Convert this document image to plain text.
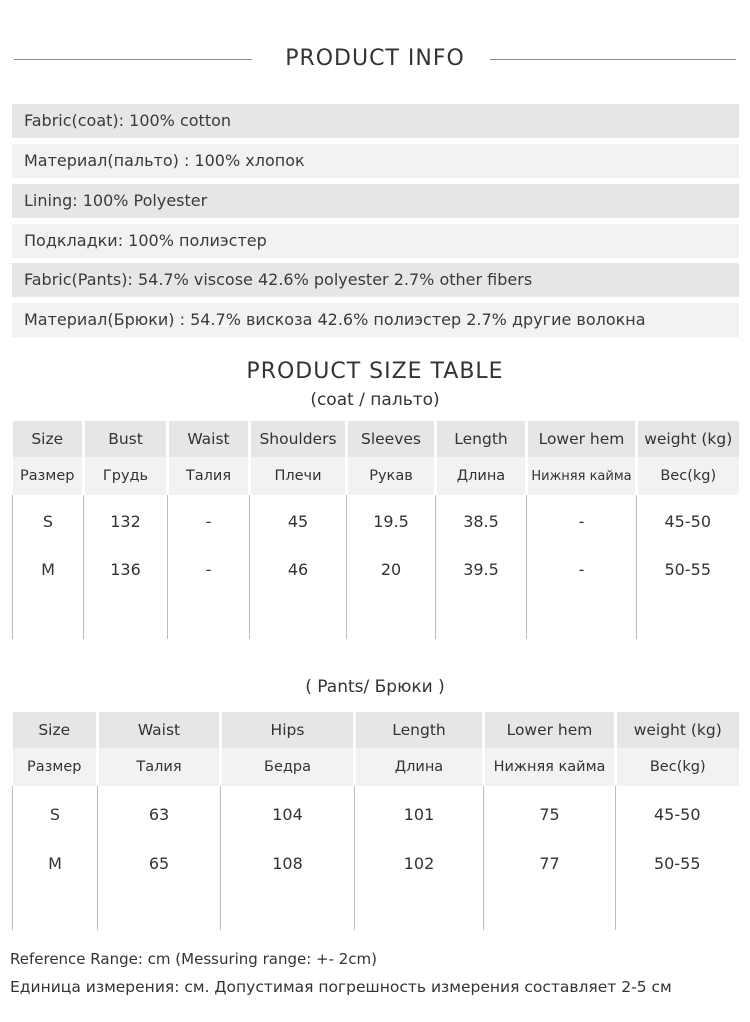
PRODUCT INFO
Fabric(coat): 100% cotton
Материал(пальто) : 100% хлопок
Lining: 100% Polyester
Подкладки: 100% полиэстер
Fabric(Pants): 54.7% viscose 42.6% polyester 2.7% other fibers
Материал(Брюки) : 54.7% вискоза 42.6% полиэстер 2.7% другие волокна
PRODUCT SIZE TABLE
(coat / пальто)
Size	Bust	Waist	Shoulders	Sleeves	Length	Lower hem	weight (kg)
Размер	Грудь	Талия	Плечи	Рукав	Длина	Нижняя кайма	Вес(kg)
S	132	-	45	19.5	38.5	-	45-50
M	136	-	46	20	39.5	-	50-55

( Pants/ Брюки )
Size	Waist	Hips	Length	Lower hem	weight (kg)
Размер	Талия	Бедра	Длина	Нижняя кайма	Вес(kg)
S	63	104	101	75	45-50
M	65	108	102	77	50-55

Reference Range: cm (Messuring range: +- 2cm)
Единица измерения: см. Допустимая погрешность измерения составляет 2-5 см
